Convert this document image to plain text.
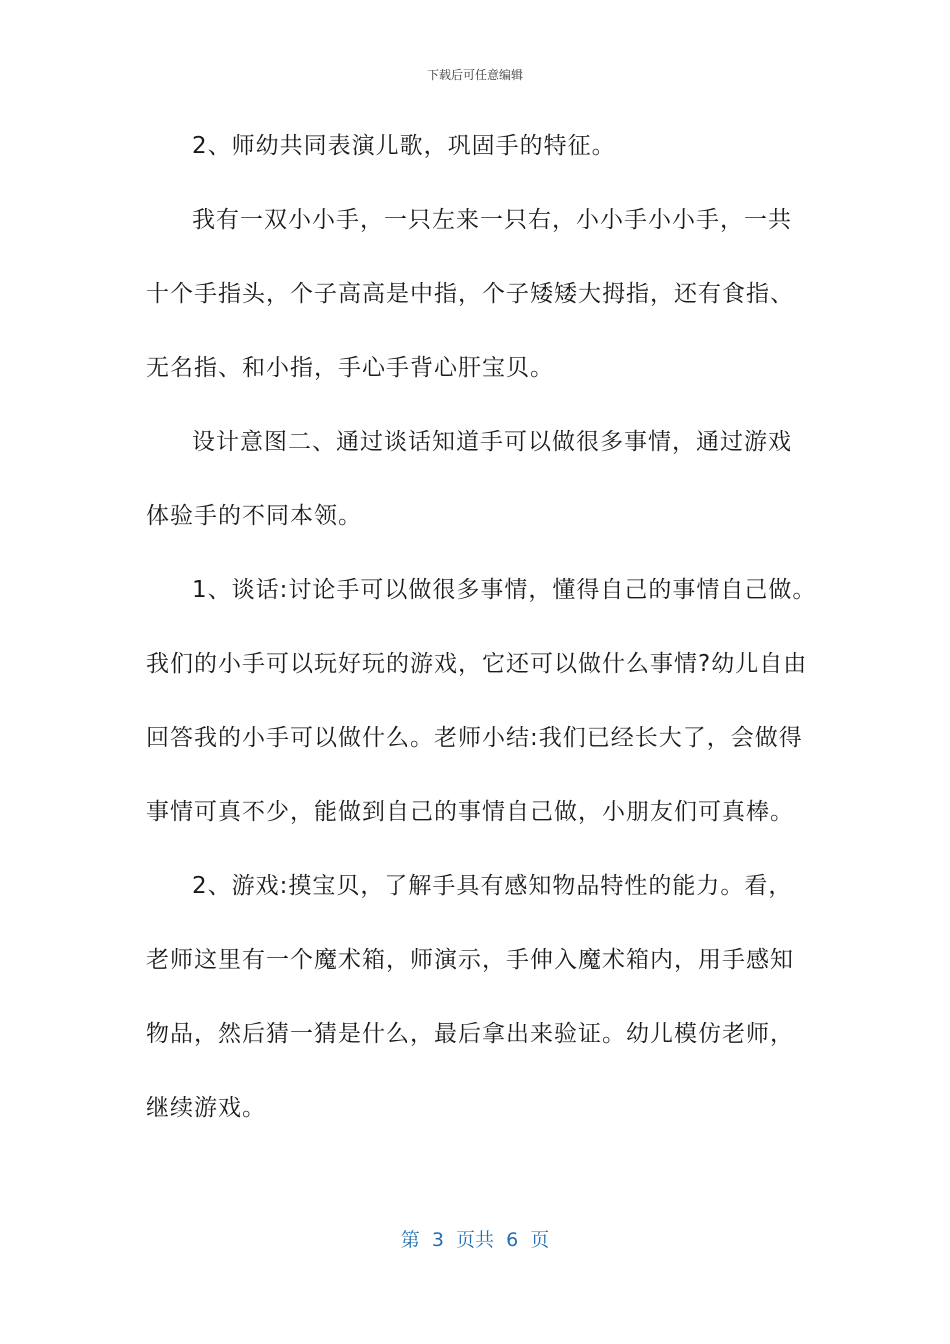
下载后可任意编辑
2、师幼共同表演儿歌，巩固手的特征。
我有一双小小手，一只左来一只右，小小手小小手，一共
十个手指头，个子高高是中指，个子矮矮大拇指，还有食指、
无名指、和小指，手心手背心肝宝贝。
设计意图二、通过谈话知道手可以做很多事情，通过游戏
体验手的不同本领。
1、谈话:讨论手可以做很多事情，懂得自己的事情自己做。
我们的小手可以玩好玩的游戏，它还可以做什么事情?幼儿自由
回答我的小手可以做什么。老师小结:我们已经长大了，会做得
事情可真不少，能做到自己的事情自己做，小朋友们可真棒。
2、游戏:摸宝贝，了解手具有感知物品特性的能力。看，
老师这里有一个魔术箱，师演示，手伸入魔术箱内，用手感知
物品，然后猜一猜是什么，最后拿出来验证。幼儿模仿老师，
继续游戏。
第  3  页共  6  页
